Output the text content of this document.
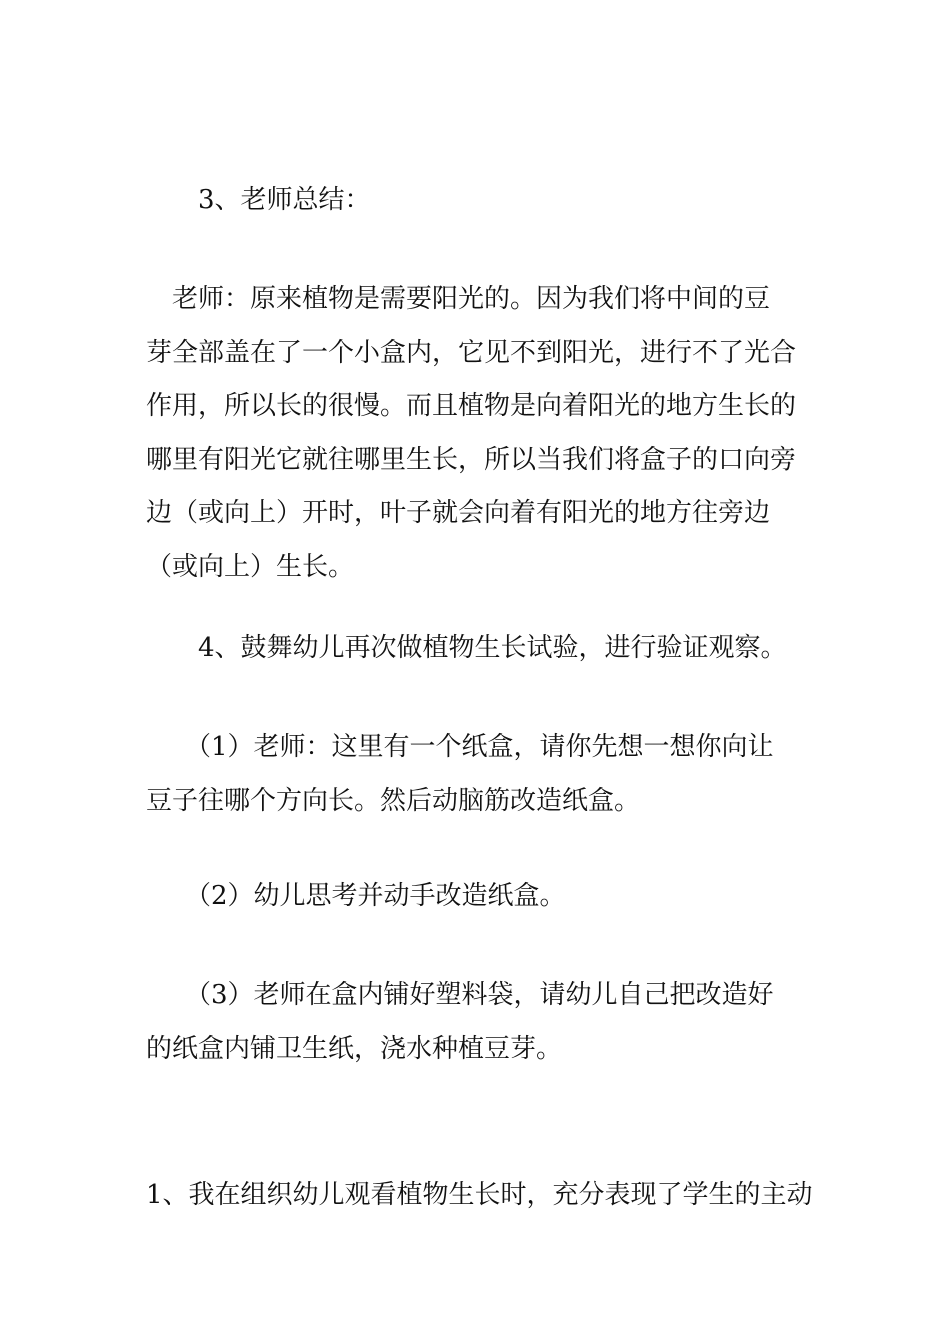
　　3、老师总结：

　老师：原来植物是需要阳光的。因为我们将中间的豆
芽全部盖在了一个小盒内，它见不到阳光，进行不了光合
作用，所以长的很慢。而且植物是向着阳光的地方生长的
哪里有阳光它就往哪里生长，所以当我们将盒子的口向旁
边（或向上）开时，叶子就会向着有阳光的地方往旁边
（或向上）生长。

　　4、鼓舞幼儿再次做植物生长试验，进行验证观察。

　　（1）老师：这里有一个纸盒，请你先想一想你向让
豆子往哪个方向长。然后动脑筋改造纸盒。

　　（2）幼儿思考并动手改造纸盒。

　　（3）老师在盒内铺好塑料袋，请幼儿自己把改造好
的纸盒内铺卫生纸，浇水种植豆芽。

1、我在组织幼儿观看植物生长时，充分表现了学生的主动
